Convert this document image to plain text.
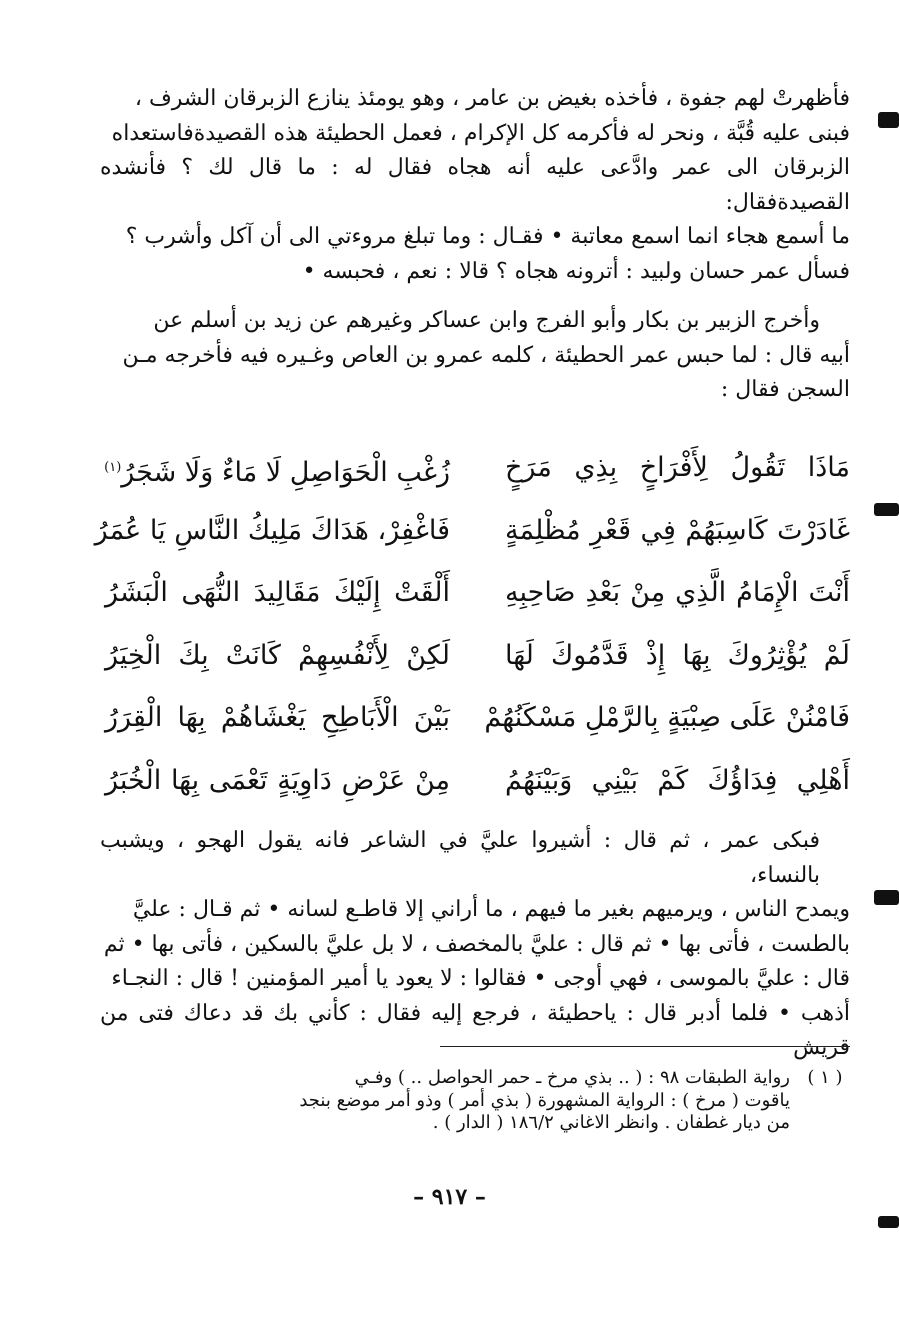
فأظهرتْ لهم جفوة ، فأخذه بغيض بن عامر ، وهو يومئذ ينازع الزبرقان الشرف ،

فبنى عليه قُبَّة ، ونحر له فأكرمه كل الإكرام ، فعمل الحطيئة هذه القصيدةفاستعداه

الزبرقان الى عمر وادَّعى عليه أنه هجاه فقال له : ما قال لك ؟ فأنشده القصيدةفقال:

ما أسمع هجاء انما اسمع معاتبة • فقـال : وما تبلغ مروءتي الى أن آكل وأشرب ؟

فسأل عمر حسان ولبيد : أترونه هجاه ؟ قالا : نعم ، فحبسه •

وأخرج الزبير بن بكار وأبو الفرج وابن عساكر وغيرهم عن زيد بن أسلم عن

أبيه قال : لما حبس عمر الحطيئة ، كلمه عمرو بن العاص وغـيره فيه فأخرجه مـن

السجن فقال :

مَاذَا تَقُولُ لِأَفْرَاخٍ بِذِي مَرَخٍ
زُغْبِ الْحَوَاصِلِ لَا مَاءٌ وَلَا شَجَرُ$^{(١)}$
غَادَرْتَ كَاسِبَهُمْ فِي قَعْرِ مُظْلِمَةٍ
فَاغْفِرْ، هَدَاكَ مَلِيكُ النَّاسِ يَا عُمَرُ
أَنْتَ الْإِمَامُ الَّذِي مِنْ بَعْدِ صَاحِبِهِ
أَلْقَتْ إِلَيْكَ مَقَالِيدَ النُّهَى الْبَشَرُ
لَمْ يُؤْثِرُوكَ بِهَا إِذْ قَدَّمُوكَ لَهَا
لَكِنْ لِأَنْفُسِهِمْ كَانَتْ بِكَ الْخِيَرُ
فَامْنُنْ عَلَى صِبْيَةٍ بِالرَّمْلِ مَسْكَنُهُمْ
بَيْنَ الْأَبَاطِحِ يَغْشَاهُمْ بِهَا الْقِرَرُ
أَهْلِي فِدَاؤُكَ كَمْ بَيْنِي وَبَيْنَهُمُ
مِنْ عَرْضِ دَاوِيَةٍ تَعْمَى بِهَا الْخُبَرُ

فبكى عمر ، ثم قال : أشيروا عليَّ في الشاعر فانه يقول الهجو ، ويشبب بالنساء،

ويمدح الناس ، ويرميهم بغير ما فيهم ، ما أراني إلا قاطـع لسانه • ثم قـال : عليَّ

بالطست ، فأتى بها • ثم قال : عليَّ بالمخصف ، لا بل عليَّ بالسكين ، فأتى بها • ثم

قال : عليَّ بالموسى ، فهي أوجى • فقالوا : لا يعود يا أمير المؤمنين ! قال : النجـاء

أذهب • فلما أدبر قال : ياحطيئة ، فرجع إليه فقال : كأني بك قد دعاك فتى من قريش

( ١ )

رواية الطبقات ٩٨ : ( .. بذي مرخ ـ حمر الحواصل .. ) وفـي

ياقوت ( مرخ ) : الرواية المشهورة ( بذي أمر ) وذو أمر موضع بنجد

من ديار غطفان . وانظر الاغاني ١٨٦/٢ ( الدار ) .

– ٩١٧ –
